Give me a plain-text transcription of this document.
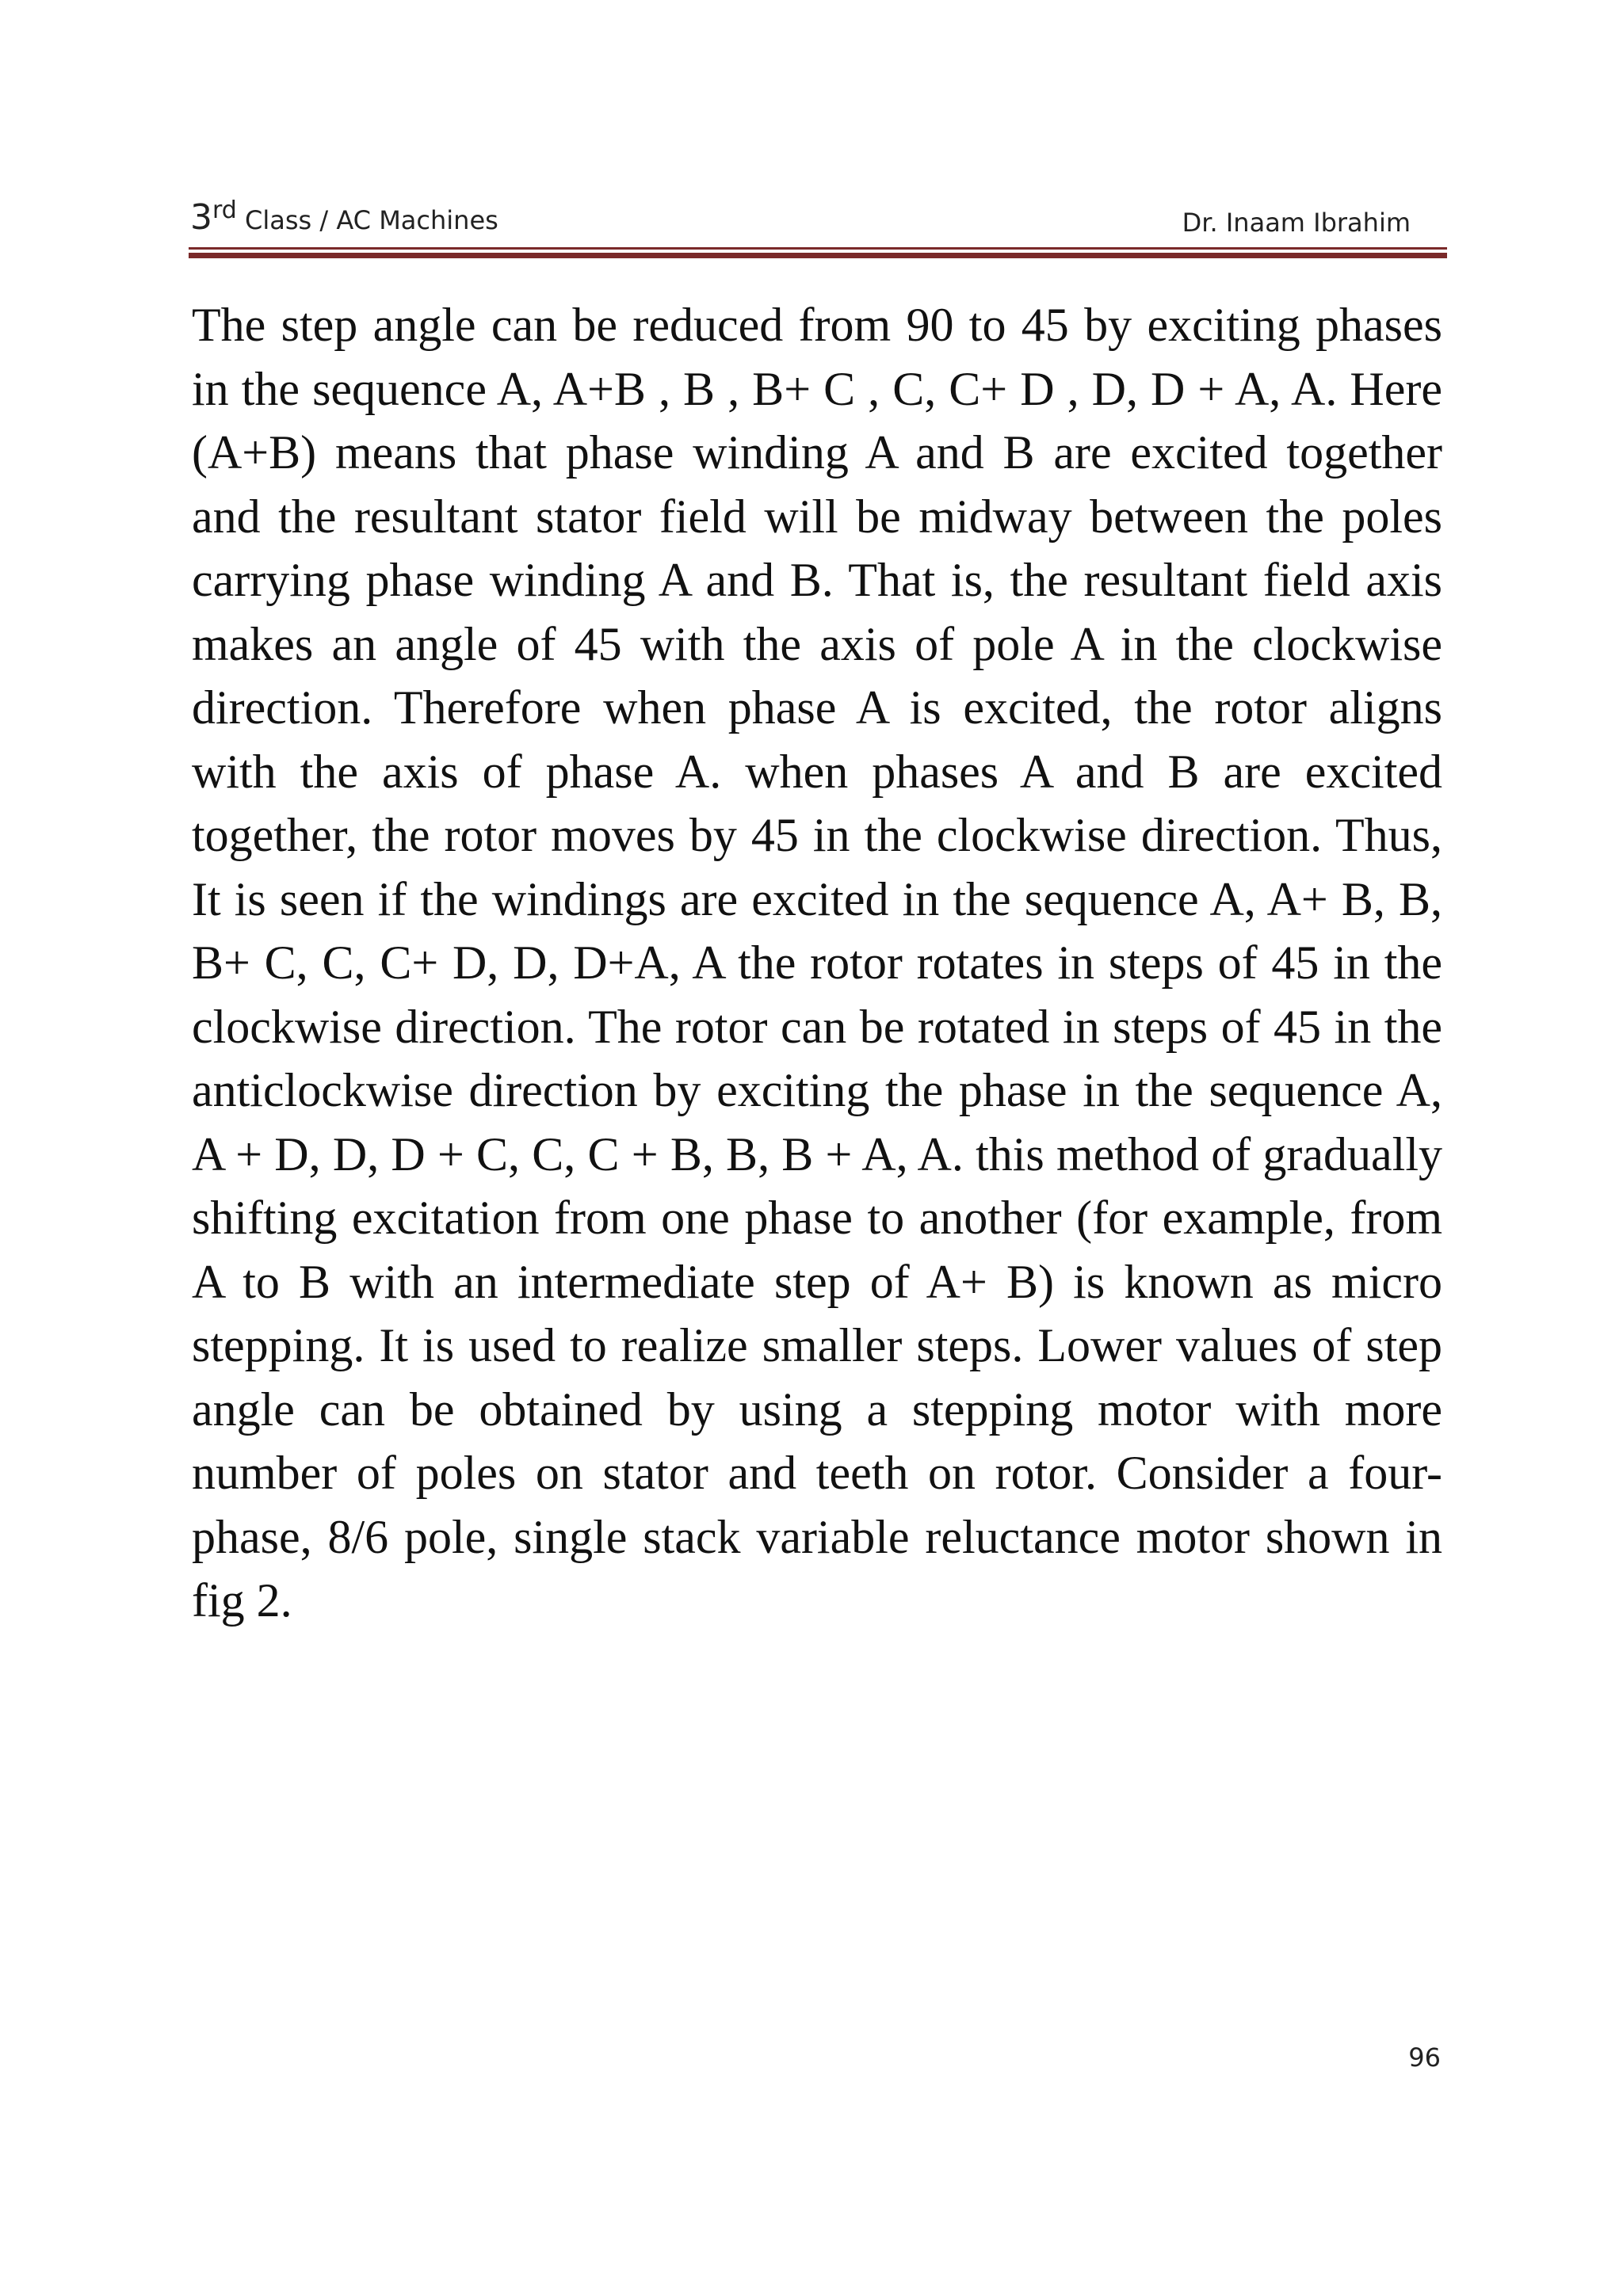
3rd Class / AC Machines	Dr. Inaam Ibrahim

The step angle can be reduced from 90 to 45 by exciting phases in the sequence A, A+B , B , B+ C , C, C+ D , D, D + A, A. Here (A+B) means that phase winding A and B are excited together and the resultant stator field will be midway between the poles carrying phase winding A and B. That is, the resultant field axis makes an angle of 45 with the axis of pole A in the clockwise direction. Therefore when phase A is excited, the rotor aligns with the axis of phase A. when phases A and B are excited together, the rotor moves by 45 in the clockwise direction. Thus, It is seen if the windings are excited in the sequence A, A+ B, B, B+ C, C, C+ D, D, D+A, A the rotor rotates in steps of 45 in the clockwise direction. The rotor can be rotated in steps of 45 in the anticlockwise direction by exciting the phase in the sequence A, A + D, D, D + C, C, C + B, B, B + A, A. this method of gradually shifting excitation from one phase to another (for example, from A to B with an intermediate step of A+ B) is known as micro stepping. It is used to realize smaller steps. Lower values of step angle can be obtained by using a stepping motor with more number of poles on stator and teeth on rotor. Consider a four-phase, 8/6 pole, single stack variable reluctance motor shown in fig 2.

96
